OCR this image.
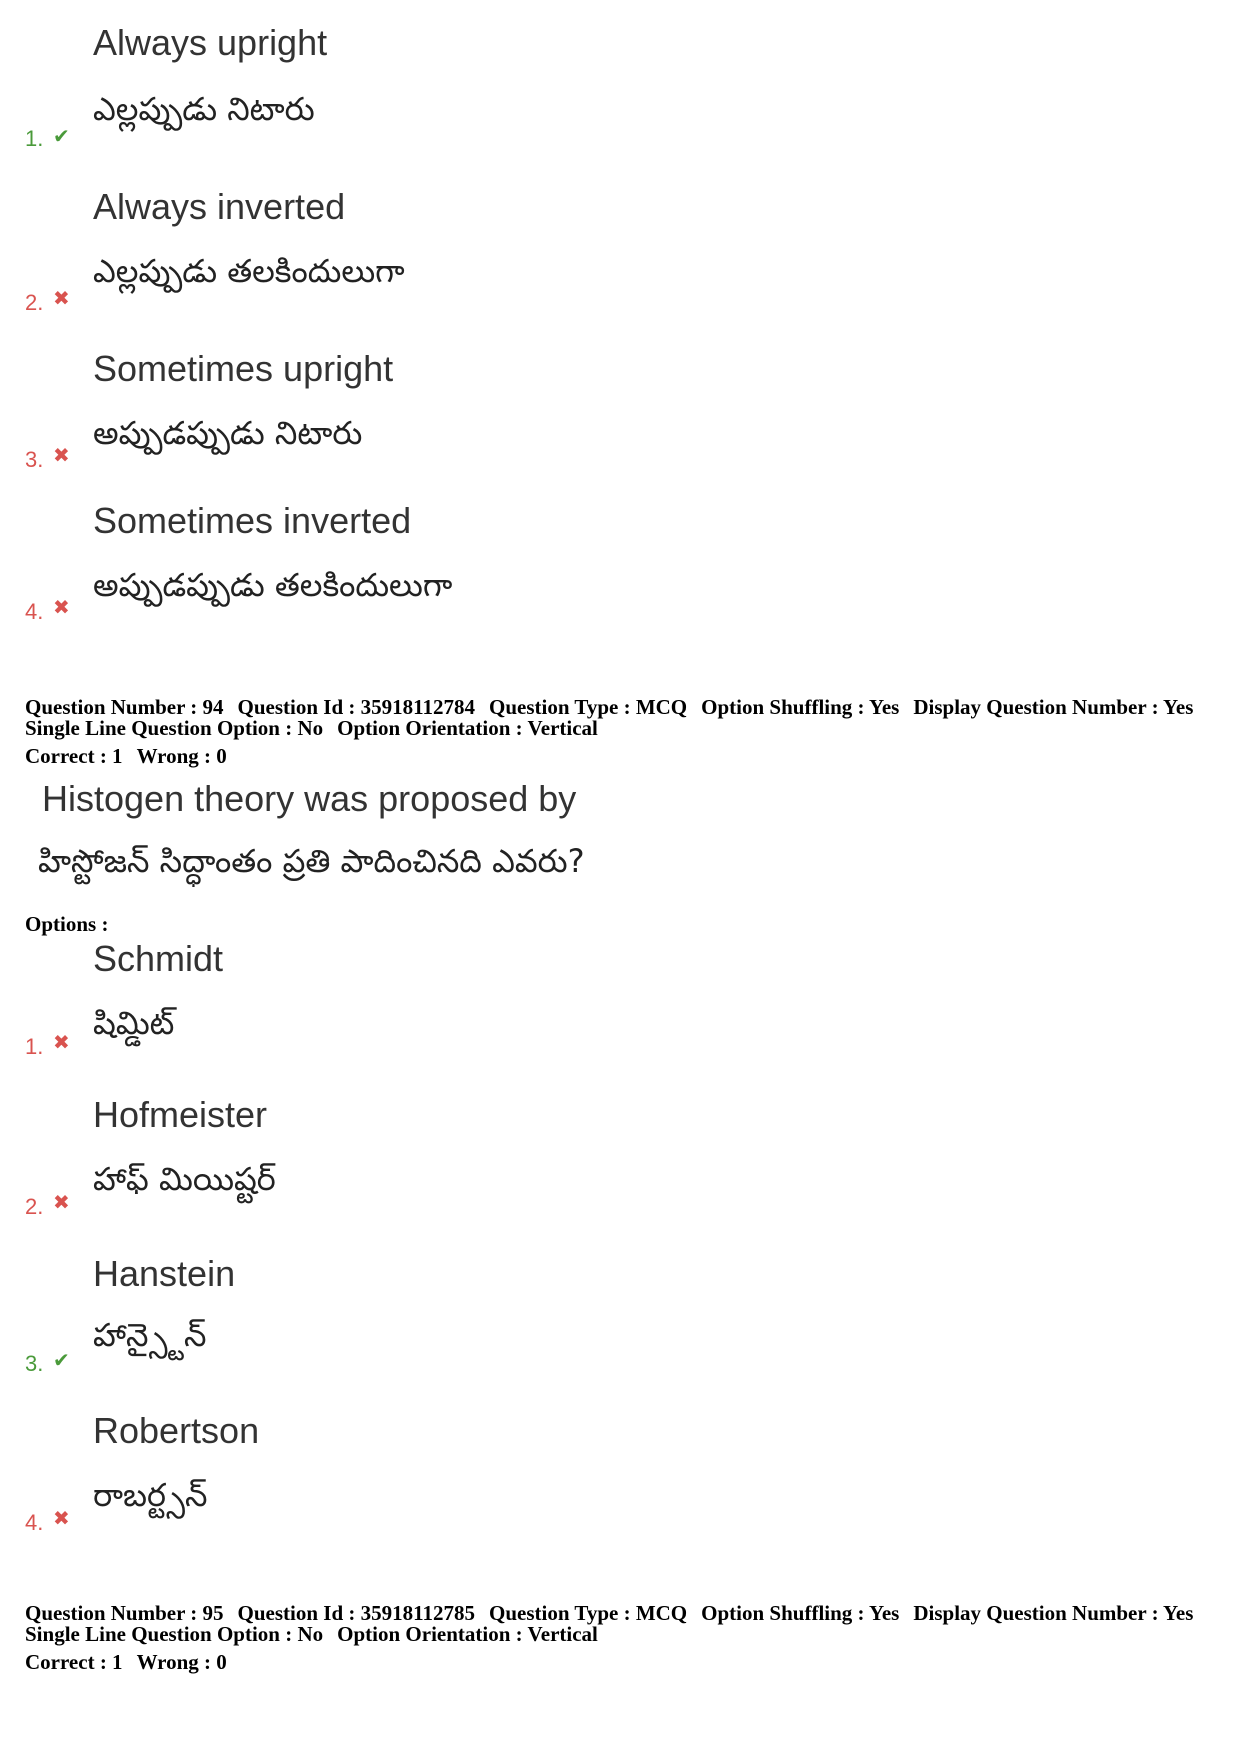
Always upright
ఎల్లప్పుడు నిటారు
1. ✔
Always inverted
ఎల్లప్పుడు తలకిందులుగా
2. ✖
Sometimes upright
అప్పుడప్పుడు నిటారు
3. ✖
Sometimes inverted
అప్పుడప్పుడు తలకిందులుగా
4. ✖
Question Number : 94 Question Id : 35918112784 Question Type : MCQ Option Shuffling : Yes Display Question Number : Yes
Single Line Question Option : No Option Orientation : Vertical
Correct : 1 Wrong : 0
Histogen theory was proposed by
హిస్టోజన్ సిద్ధాంతం ప్రతి పాదించినది ఎవరు?
Options :
Schmidt
షిమ్డిట్
1. ✖
Hofmeister
హాఫ్ మియిష్టర్
2. ✖
Hanstein
హాన్స్టైన్
3. ✔
Robertson
రాబర్ట్సన్
4. ✖
Question Number : 95 Question Id : 35918112785 Question Type : MCQ Option Shuffling : Yes Display Question Number : Yes
Single Line Question Option : No Option Orientation : Vertical
Correct : 1 Wrong : 0
